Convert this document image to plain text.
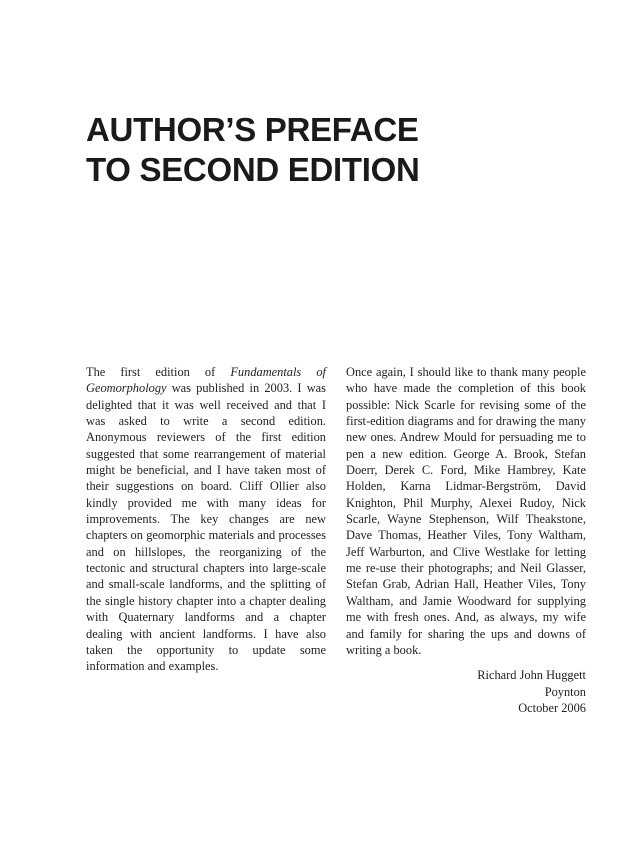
AUTHOR’S PREFACE
TO SECOND EDITION

The first edition of Fundamentals of Geomorphology was published in 2003. I was delighted that it was well received and that I was asked to write a second edition. Anonymous reviewers of the first edition suggested that some rearrangement of material might be beneficial, and I have taken most of their suggestions on board. Cliff Ollier also kindly provided me with many ideas for improvements. The key changes are new chapters on geomorphic materials and processes and on hillslopes, the reorganizing of the tectonic and structural chapters into large-scale and small-scale landforms, and the splitting of the single history chapter into a chapter dealing with Quaternary landforms and a chapter dealing with ancient landforms. I have also taken the opportunity to update some information and examples.

Once again, I should like to thank many people who have made the completion of this book possible: Nick Scarle for revising some of the first-edition diagrams and for drawing the many new ones. Andrew Mould for persuading me to pen a new edition. George A. Brook, Stefan Doerr, Derek C. Ford, Mike Hambrey, Kate Holden, Karna Lidmar-Bergström, David Knighton, Phil Murphy, Alexei Rudoy, Nick Scarle, Wayne Stephenson, Wilf Theakstone, Dave Thomas, Heather Viles, Tony Waltham, Jeff Warburton, and Clive Westlake for letting me re-use their photographs; and Neil Glasser, Stefan Grab, Adrian Hall, Heather Viles, Tony Waltham, and Jamie Woodward for supplying me with fresh ones. And, as always, my wife and family for sharing the ups and downs of writing a book.

Richard John Huggett
Poynton
October 2006
